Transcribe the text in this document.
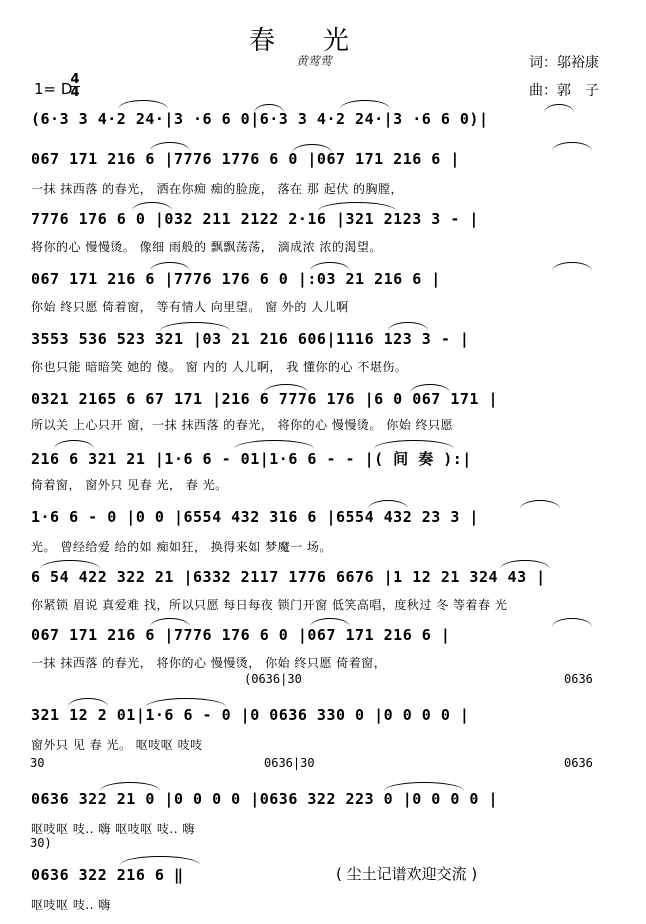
春光
黄莺莺	词：邬裕康
曲：郭　子
1= D
4
4
(6·3 3 4·2 24·|3 ·6 6 0|6·3 3 4·2 24·|3 ·6 6 0)|
067 171 216 6 |7776 1776 6 0 |067 171 216 6 |
一抹 抹西落 的春光， 洒在你痴 痴的脸庞， 落在 那 起伏 的胸膛，
7776 176 6 0 |032 211 2122 2·16 |321 2123 3 - |
将你的心 慢慢烫。 像细 雨般的 飘飘荡荡， 滴成浓 浓的渴望。
067 171 216 6 |7776 176 6 0 |:03 21 216 6 |
你始 终只愿 倚着窗， 等有情人 向里望。 窗 外的 人儿啊
3553 536 523 321 |03 21 216 606|1116 123 3 - |
你也只能 暗暗笑 她的 傻。 窗 内的 人儿啊， 我 懂你的心 不堪伤。
0321 2165 6 67 171 |216 6 7776 176 |6 0 067 171 |
所以关 上心只开 窗，一抹 抹西落 的春光， 将你的心 慢慢烫。 你始 终只愿
216 6 321 21 |1·6 6 - 01|1·6 6 - - |( 间 奏 ):|
倚着窗， 窗外只 见春 光， 春 光。
1·6 6 - 0 |0 0 |6554 432 316 6 |6554 432 23 3 |
光。 曾经给爱 给的如 痴如狂， 换得来如 梦魔一 场。
6 54 422 322 21 |6332 2117 1776 6676 |1 12 21 324 43 |
你紧锁 眉说 真爱难 找，所以只愿 每日每夜 锁门开窗 低笑高唱，度秋过 冬 等着春 光
067 171 216 6 |7776 176 6 0 |067 171 216 6 |
一抹 抹西落 的春光， 将你的心 慢慢烫， 你始 终只愿 倚着窗，
(0636|30	0636
321 12 2 01|1·6 6 - 0 |0 0636 330 0 |0 0 0 0 |
窗外只 见 春 光。 呕吱呕 吱吱
30	0636|30	0636
0636 322 21 0 |0 0 0 0 |0636 322 223 0 |0 0 0 0 |
呕吱呕 吱.. 嗨 呕吱呕 吱.. 嗨
30)
0636 322 216 6 ‖
呕吱呕 吱.. 嗨
( 尘土记谱欢迎交流 )
